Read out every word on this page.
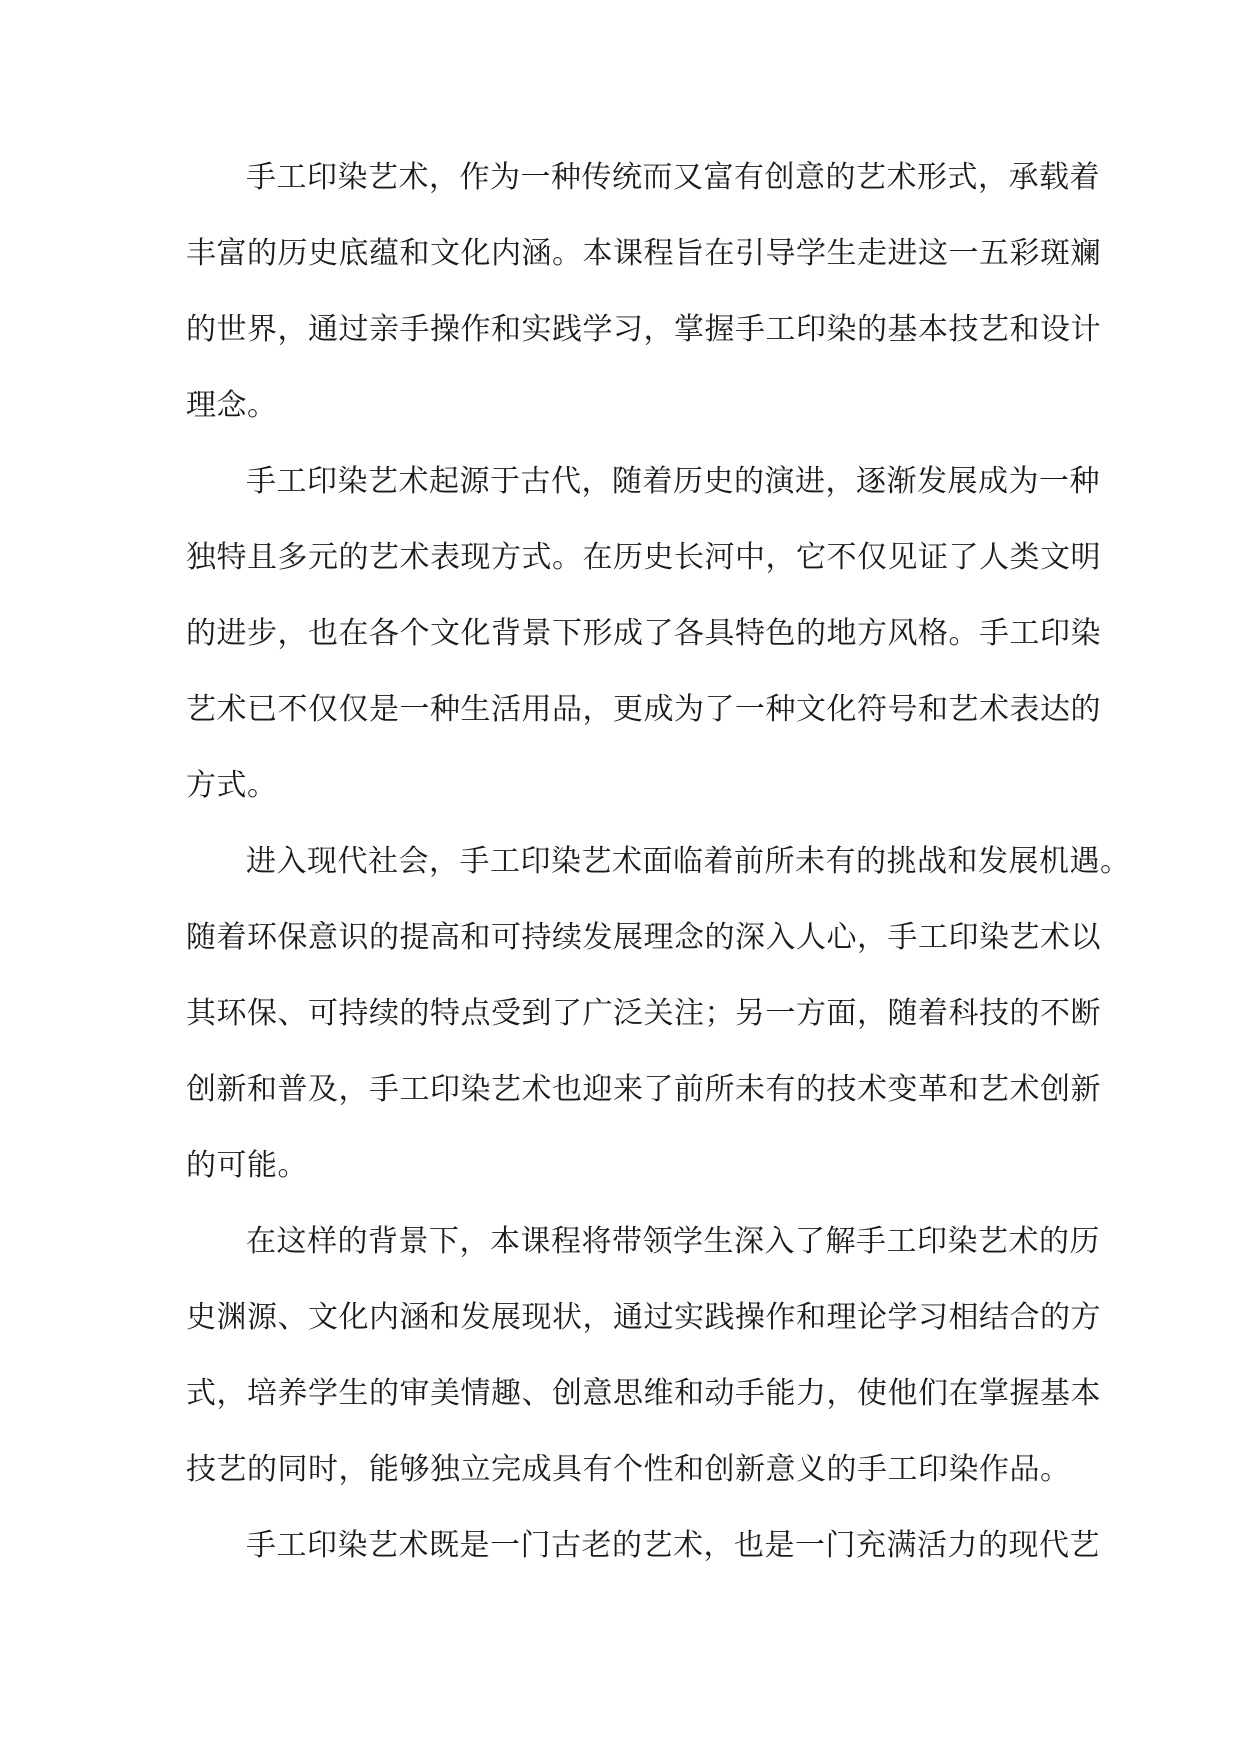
手工印染艺术，作为一种传统而又富有创意的艺术形式，承载着
丰富的历史底蕴和文化内涵。本课程旨在引导学生走进这一五彩斑斓
的世界，通过亲手操作和实践学习，掌握手工印染的基本技艺和设计
理念。
手工印染艺术起源于古代，随着历史的演进，逐渐发展成为一种
独特且多元的艺术表现方式。在历史长河中，它不仅见证了人类文明
的进步，也在各个文化背景下形成了各具特色的地方风格。手工印染
艺术已不仅仅是一种生活用品，更成为了一种文化符号和艺术表达的
方式。
进入现代社会，手工印染艺术面临着前所未有的挑战和发展机遇。
随着环保意识的提高和可持续发展理念的深入人心，手工印染艺术以
其环保、可持续的特点受到了广泛关注；另一方面，随着科技的不断
创新和普及，手工印染艺术也迎来了前所未有的技术变革和艺术创新
的可能。
在这样的背景下，本课程将带领学生深入了解手工印染艺术的历
史渊源、文化内涵和发展现状，通过实践操作和理论学习相结合的方
式，培养学生的审美情趣、创意思维和动手能力，使他们在掌握基本
技艺的同时，能够独立完成具有个性和创新意义的手工印染作品。
手工印染艺术既是一门古老的艺术，也是一门充满活力的现代艺
